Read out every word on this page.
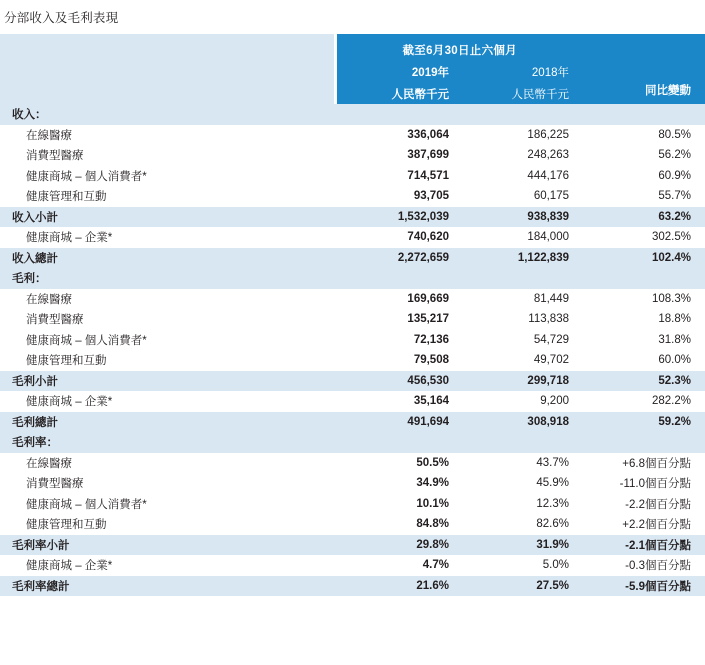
分部收入及毛利表現
	截至6月30日止六個月		
	2019年	2018年	
	人民幣千元	人民幣千元	同比變動
收入：			
在線醫療	336,064	186,225	80.5%
消費型醫療	387,699	248,263	56.2%
健康商城 – 個人消費者*	714,571	444,176	60.9%
健康管理和互動	93,705	60,175	55.7%
收入小計	1,532,039	938,839	63.2%
健康商城 – 企業*	740,620	184,000	302.5%
收入總計	2,272,659	1,122,839	102.4%
毛利：			
在線醫療	169,669	81,449	108.3%
消費型醫療	135,217	113,838	18.8%
健康商城 – 個人消費者*	72,136	54,729	31.8%
健康管理和互動	79,508	49,702	60.0%
毛利小計	456,530	299,718	52.3%
健康商城 – 企業*	35,164	9,200	282.2%
毛利總計	491,694	308,918	59.2%
毛利率：			
在線醫療	50.5%	43.7%	+6.8個百分點
消費型醫療	34.9%	45.9%	-11.0個百分點
健康商城 – 個人消費者*	10.1%	12.3%	-2.2個百分點
健康管理和互動	84.8%	82.6%	+2.2個百分點
毛利率小計	29.8%	31.9%	-2.1個百分點
健康商城 – 企業*	4.7%	5.0%	-0.3個百分點
毛利率總計	21.6%	27.5%	-5.9個百分點
